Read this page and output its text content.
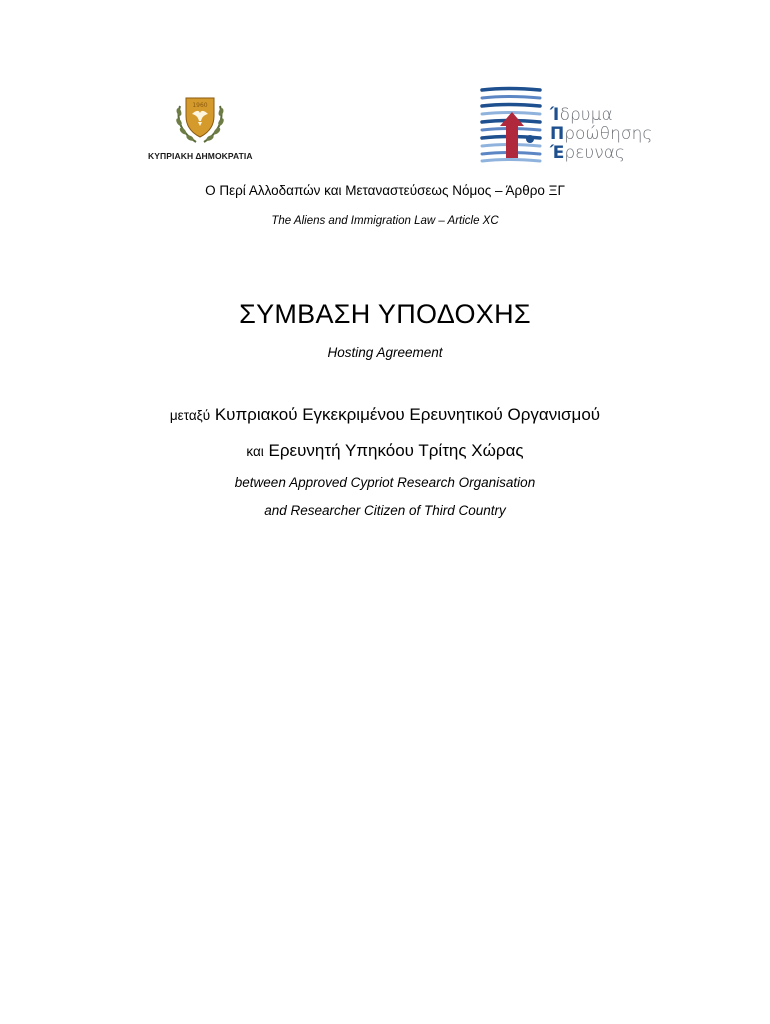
1960
ΚΥΠΡΙΑΚΗ ΔΗΜΟΚΡΑΤΙΑ
Ίδρυμα
Προώθησης
Έρευνας
Ο Περί Αλλοδαπών και Μεταναστεύσεως Νόμος – Άρθρο ΞΓ
The Aliens and Immigration Law – Article XC
ΣΥΜΒΑΣΗ ΥΠΟΔΟΧΗΣ
Hosting Agreement
μεταξύ Κυπριακού Εγκεκριμένου Ερευνητικού Οργανισμού
και Ερευνητή Υπηκόου Τρίτης Χώρας
between Approved Cypriot Research Organisation
and Researcher Citizen of Third Country
